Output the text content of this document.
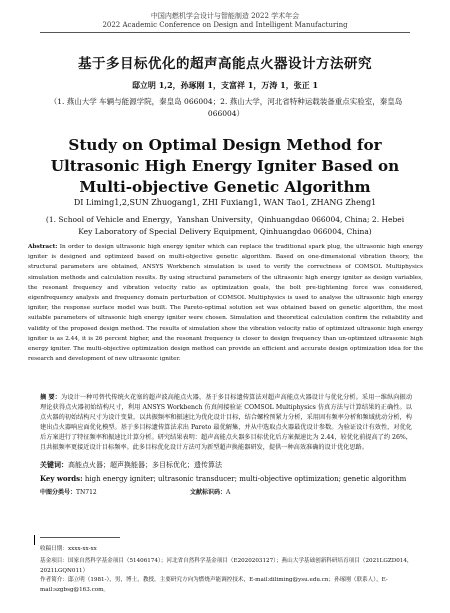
中国内燃机学会设计与智能制造 2022 学术年会
2022 Academic Conference on Design and Intelligent Manufacturing
基于多目标优化的超声高能点火器设计方法研究
邸立明 1,2，孙琢刚 1，支富祥 1，万涛 1，张正 1
（1. 燕山大学 车辆与能源学院，秦皇岛 066004；2. 燕山大学，河北省特种运载装备重点实验室，秦皇岛 066004）
Study on Optimal Design Method for Ultrasonic High Energy Igniter Based on Multi-objective Genetic Algorithm
DI Liming1,2,SUN Zhuogang1, ZHI Fuxiang1, WAN Tao1, ZHANG Zheng1
(1. School of Vehicle and Energy，Yanshan University，Qinhuangdao 066004, China; 2. Hebei Key Laboratory of Special Delivery Equipment, Qinhuangdao 066004, China)
Abstract: In order to design ultrasonic high energy igniter which can replace the traditional spark plug, the ultrasonic high energy igniter is designed and optimized based on multi-objective genetic algorithm. Based on one-dimensional vibration theory, the structural parameters are obtained, ANSYS Workbench simulation is used to verify the correctness of COMSOL Multiphysics simulation methods and calculation results. By using structural parameters of the ultrasonic high energy igniter as design variables, the resonant frequency and vibration velocity ratio as optimization goals, the bolt pre-tightening force was considered, eigenfrequency analysis and frequency domain perturbation of COMSOL Multiphysics is used to analyse the ultrasonic high energy igniter, the response surface model was built. The Pareto-optimal solution set was obtained based on genetic algorithm, the most suitable parameters of ultrasonic high energy igniter were chosen. Simulation and theoretical calculation confirm the reliability and validity of the proposed design method. The results of simulation show the vibration velocity ratio of optimized ultrasonic high energy igniter is as 2.44, it is 26 percent higher, and the resonant frequency is closer to design frequency than un-optimized ultrasonic high energy igniter. The multi-objective optimization design method can provide an efficient and accurate design optimization idea for the research and development of new ultrasonic igniter.
摘 要：为设计一种可替代传统火花塞的超声波高能点火器，基于多目标遗传算法对超声高能点火器设计与优化分析。采用一维纵向振动理论获得点火器初始结构尺寸，利用 ANSYS Workbench 仿真间接验证 COMSOL Multiphysics 仿真方法与计算结果的正确性。以点火器的初始结构尺寸为设计变量，以共振频率和振速比为优化设计目标，结合螺栓预紧力分析，采用固有频率分析和频域扰动分析，构建出点火器响应面优化模型。基于多目标遗传算法求出 Pareto 最优解集，并从中选取点火器最优设计参数。为验证设计有效性，对优化后方案进行了特征频率和振速比计算分析。研究结果表明：超声高能点火器多目标优化后方案振速比为 2.44，较优化前提高了约 26%，且共振频率更接近设计目标频率。此多目标优化设计方法可为新型超声换能器研发，提供一种高效准确的设计优化思路。
关键词：高能点火器；超声换能器；多目标优化；遗传算法
Key words: high energy igniter; ultrasonic transducer; multi-objective optimization; genetic algorithm
中图分类号：TN712	文献标识码：A
收稿日期：xxxx-xx-xx
基金项目：国家自然科学基金项目（51406174）；河北省自然科学基金项目（E2020203127）；燕山大学基础创新科研培育项目（2021LGZD014，2021LGQN011）
作者简介：邸立明（1981-），男，博士，教授，主要研究方向为燃烧声能调控技术，E-mail:diliming@ysu.edu.cn；孙琢刚（联系人），E-mail:szgbsg@163.com。
